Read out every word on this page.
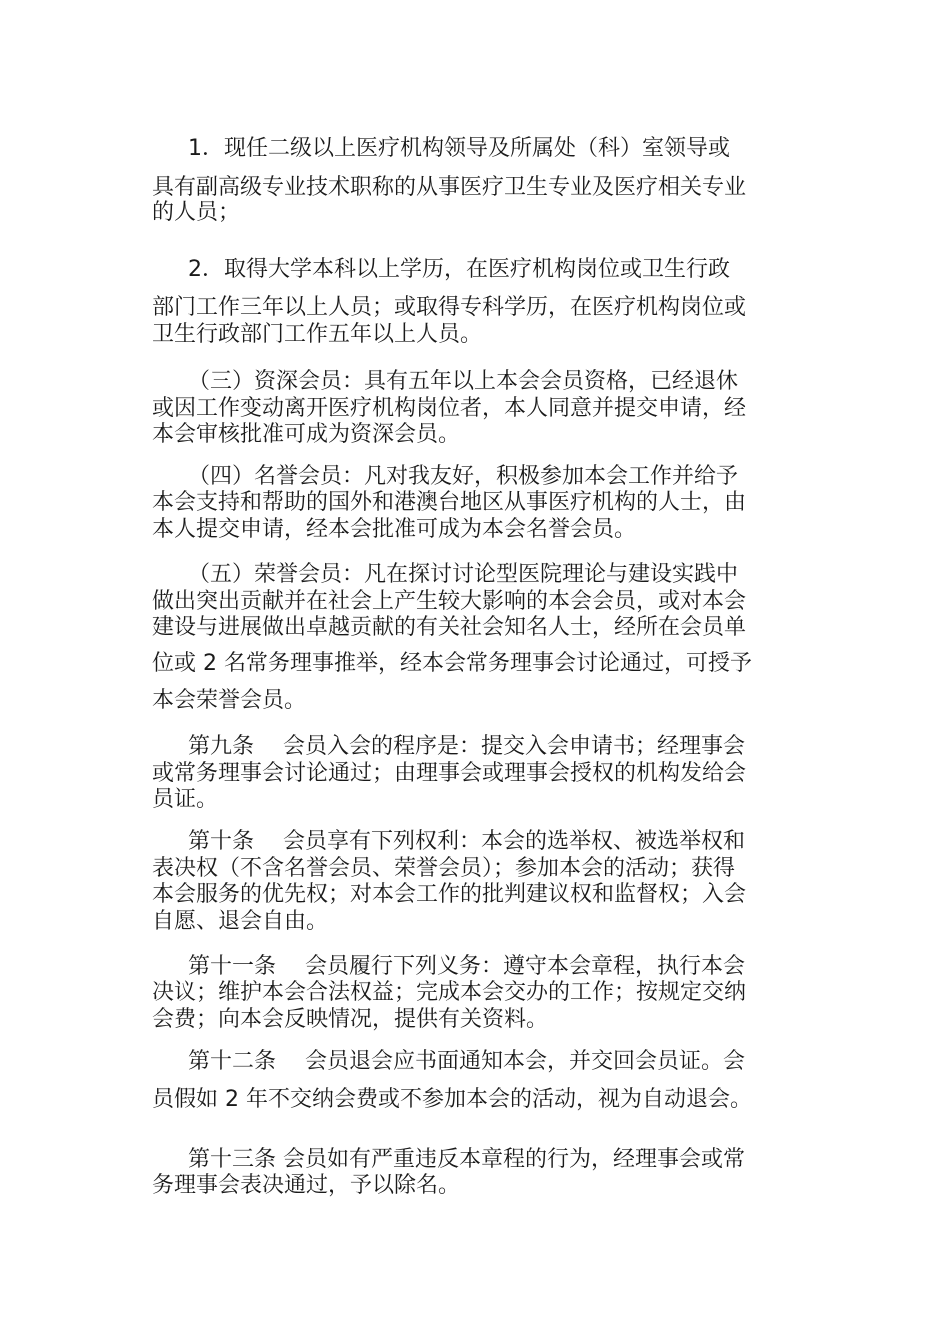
1．现任二级以上医疗机构领导及所属处（科）室领导或
具有副高级专业技术职称的从事医疗卫生专业及医疗相关专业
的人员；
2．取得大学本科以上学历，在医疗机构岗位或卫生行政
部门工作三年以上人员；或取得专科学历，在医疗机构岗位或
卫生行政部门工作五年以上人员。
（三）资深会员：具有五年以上本会会员资格，已经退休
或因工作变动离开医疗机构岗位者，本人同意并提交申请，经
本会审核批准可成为资深会员。
（四）名誉会员：凡对我友好，积极参加本会工作并给予
本会支持和帮助的国外和港澳台地区从事医疗机构的人士，由
本人提交申请，经本会批准可成为本会名誉会员。
（五）荣誉会员：凡在探讨讨论型医院理论与建设实践中
做出突出贡献并在社会上产生较大影响的本会会员，或对本会
建设与进展做出卓越贡献的有关社会知名人士，经所在会员单
位或 2 名常务理事推举，经本会常务理事会讨论通过，可授予
本会荣誉会员。
第九条　 会员入会的程序是：提交入会申请书；经理事会
或常务理事会讨论通过；由理事会或理事会授权的机构发给会
员证。
第十条　 会员享有下列权利：本会的选举权、被选举权和
表决权（不含名誉会员、荣誉会员）；参加本会的活动；获得
本会服务的优先权；对本会工作的批判建议权和监督权；入会
自愿、退会自由。
第十一条　 会员履行下列义务：遵守本会章程，执行本会
决议；维护本会合法权益；完成本会交办的工作；按规定交纳
会费；向本会反映情况，提供有关资料。
第十二条　 会员退会应书面通知本会，并交回会员证。会
员假如 2 年不交纳会费或不参加本会的活动，视为自动退会。
第十三条 会员如有严重违反本章程的行为，经理事会或常
务理事会表决通过，予以除名。
